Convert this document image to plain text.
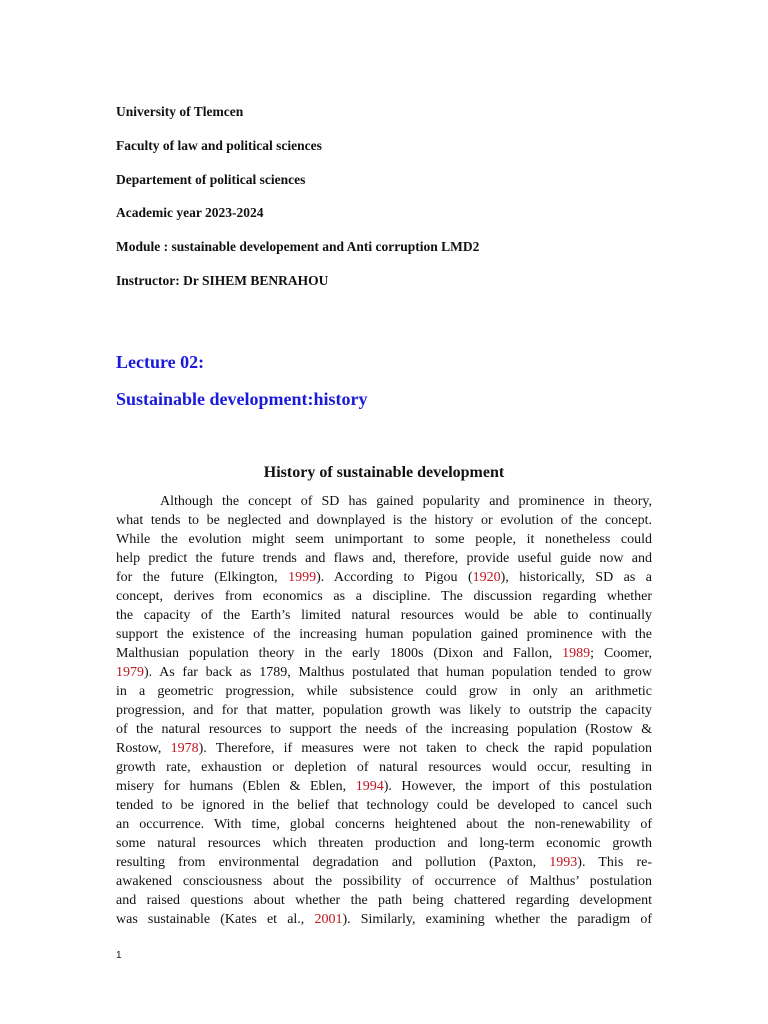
University of Tlemcen
Faculty of law and political sciences
Departement of political sciences
Academic year 2023-2024
Module : sustainable developement and Anti corruption LMD2
Instructor: Dr SIHEM BENRAHOU
Lecture 02:
Sustainable development:history
History of sustainable development
Although the concept of SD has gained popularity and prominence in theory,
what tends to be neglected and downplayed is the history or evolution of the concept.
While the evolution might seem unimportant to some people, it nonetheless could
help predict the future trends and flaws and, therefore, provide useful guide now and
for the future (Elkington, 1999). According to Pigou (1920), historically, SD as a
concept, derives from economics as a discipline. The discussion regarding whether
the capacity of the Earth’s limited natural resources would be able to continually
support the existence of the increasing human population gained prominence with the
Malthusian population theory in the early 1800s (Dixon and Fallon, 1989; Coomer,
1979). As far back as 1789, Malthus postulated that human population tended to grow
in a geometric progression, while subsistence could grow in only an arithmetic
progression, and for that matter, population growth was likely to outstrip the capacity
of the natural resources to support the needs of the increasing population (Rostow &
Rostow, 1978). Therefore, if measures were not taken to check the rapid population
growth rate, exhaustion or depletion of natural resources would occur, resulting in
misery for humans (Eblen & Eblen, 1994). However, the import of this postulation
tended to be ignored in the belief that technology could be developed to cancel such
an occurrence. With time, global concerns heightened about the non-renewability of
some natural resources which threaten production and long-term economic growth
resulting from environmental degradation and pollution (Paxton, 1993). This re-
awakened consciousness about the possibility of occurrence of Malthus’ postulation
and raised questions about whether the path being chattered regarding development
was sustainable (Kates et al., 2001). Similarly, examining whether the paradigm of
1
